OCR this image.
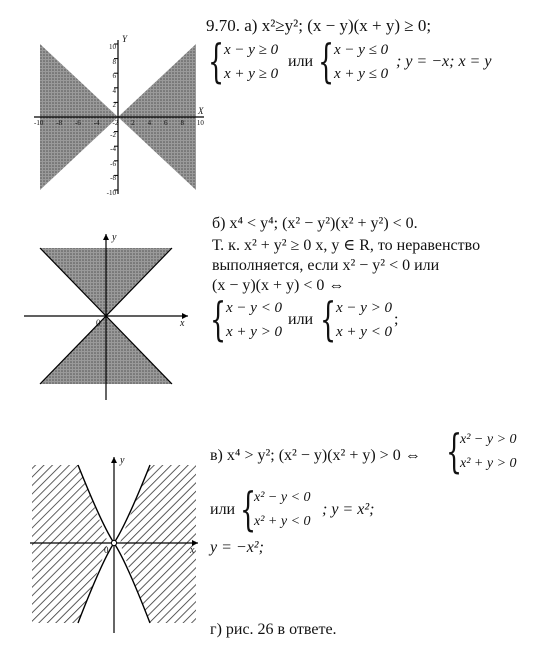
Y
X
10
8
6
4
2
-2
-4
-6
-8
-10
-10 -8 -6 -4 -2 2 4 6 8 10
9.70. а) x²≥y²; (x − y)(x + y) ≥ 0;
{ x − y ≥ 0
x + y ≥ 0
или { x − y ≤ 0
x + y ≤ 0
; y = −x; x = y
y
x
0
б) x⁴ < y⁴; (x² − y²)(x² + y²) < 0.
Т. к. x² + y² ≥ 0 x, y ∈ R, то неравенство
выполняется, если x² − y² < 0 или
(x − y)(x + y) < 0 ⇔
{ x − y < 0
x + y > 0
или { x − y > 0
x + y < 0
;
y
x
0
в) x⁴ > y²; (x² − y)(x² + y) > 0 ⇔ {
x² − y > 0
x² + y > 0
или {
x² − y < 0
x² + y < 0
; y = x²;
y = −x²;
г) рис. 26 в ответе.
